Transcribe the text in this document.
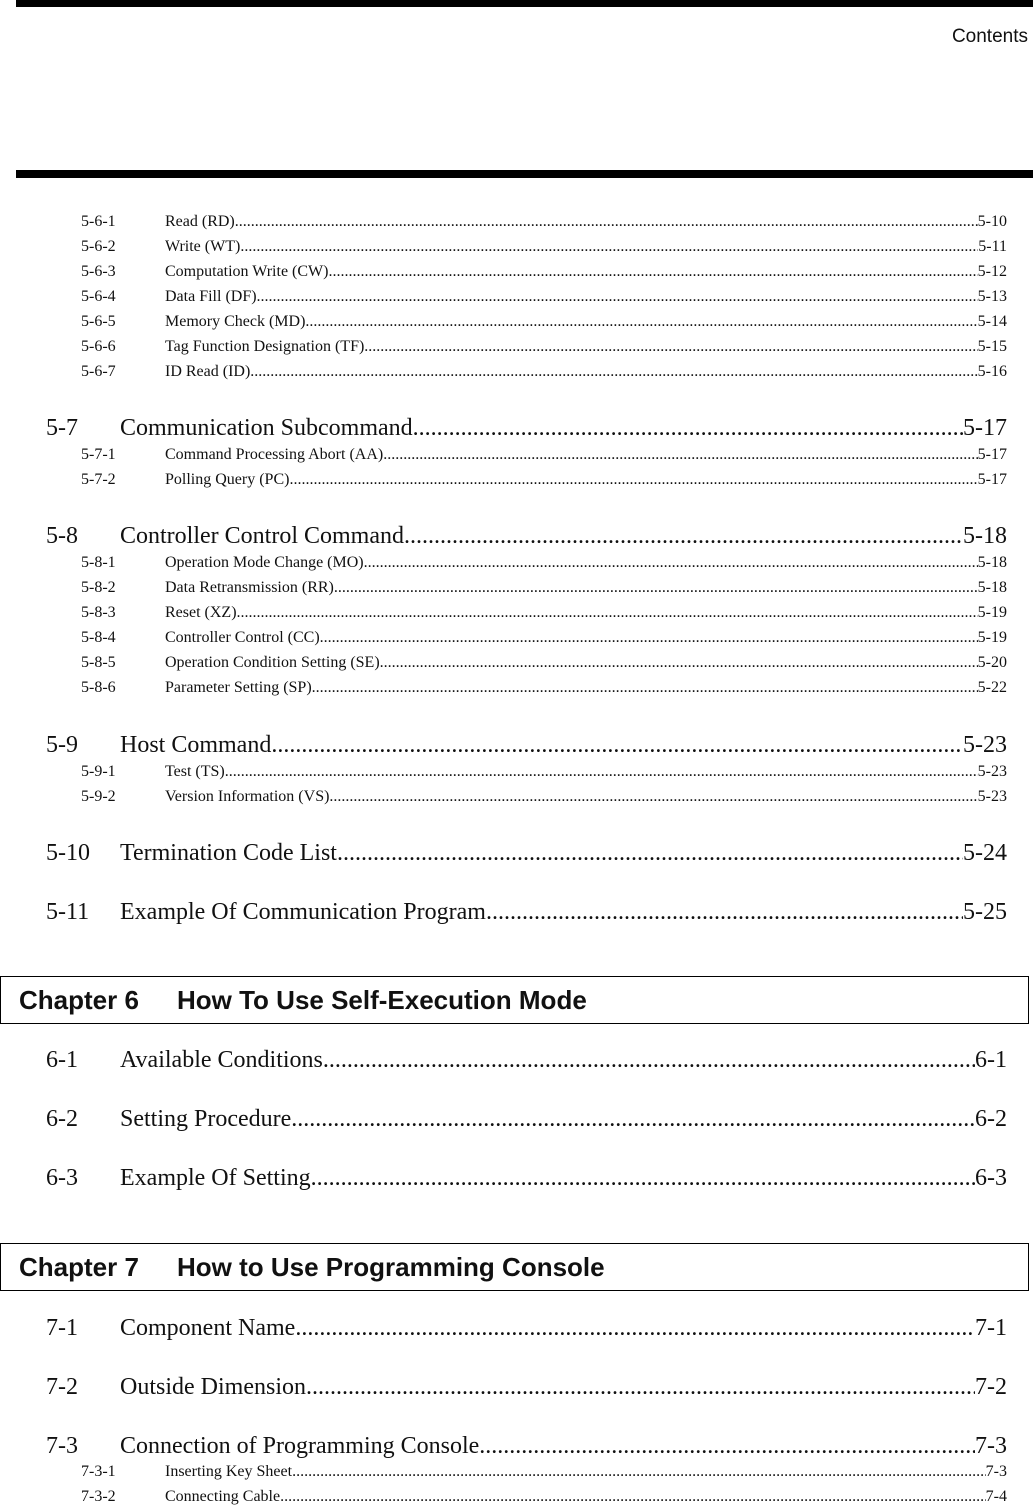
Contents
5-6-1	Read (RD) .....	5-10
5-6-2	Write (WT) .....	5-11
5-6-3	Computation Write (CW) .....	5-12
5-6-4	Data Fill (DF) .....	5-13
5-6-5	Memory Check (MD) .....	5-14
5-6-6	Tag Function Designation (TF) .....	5-15
5-6-7	ID Read (ID) .....	5-16
5-7	Communication Subcommand .....	5-17
5-7-1	Command Processing Abort (AA) .....	5-17
5-7-2	Polling Query (PC) .....	5-17
5-8	Controller Control Command .....	5-18
5-8-1	Operation Mode Change (MO) .....	5-18
5-8-2	Data Retransmission (RR) .....	5-18
5-8-3	Reset (XZ) .....	5-19
5-8-4	Controller Control (CC) .....	5-19
5-8-5	Operation Condition Setting (SE) .....	5-20
5-8-6	Parameter Setting (SP) .....	5-22
5-9	Host Command .....	5-23
5-9-1	Test (TS) .....	5-23
5-9-2	Version Information (VS) .....	5-23
5-10	Termination Code List .....	5-24
5-11	Example Of Communication Program .....	5-25
Chapter 6	How To Use Self-Execution Mode
6-1	Available Conditions .....	6-1
6-2	Setting Procedure .....	6-2
6-3	Example Of Setting .....	6-3
Chapter 7	How to Use Programming Console
7-1	Component Name .....	7-1
7-2	Outside Dimension .....	7-2
7-3	Connection of Programming Console .....	7-3
7-3-1	Inserting Key Sheet .....	7-3
7-3-2	Connecting Cable .....	7-4
